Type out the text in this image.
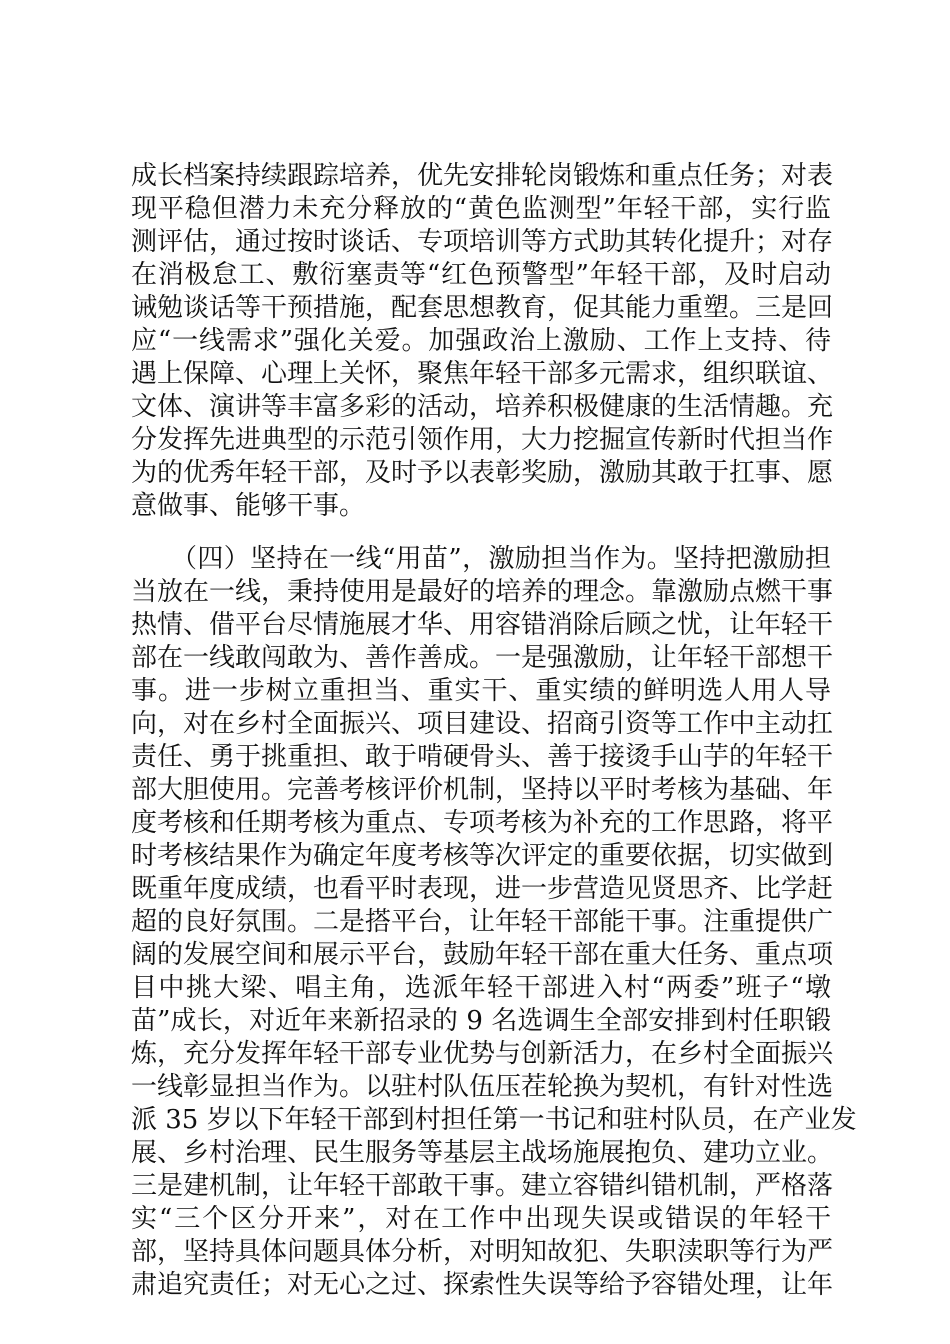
成长档案持续跟踪培养，优先安排轮岗锻炼和重点任务；对表
现平稳但潜力未充分释放的“黄色监测型”年轻干部，实行监
测评估，通过按时谈话、专项培训等方式助其转化提升；对存
在消极怠工、敷衍塞责等“红色预警型”年轻干部，及时启动
诫勉谈话等干预措施，配套思想教育，促其能力重塑。三是回
应“一线需求”强化关爱。加强政治上激励、工作上支持、待
遇上保障、心理上关怀，聚焦年轻干部多元需求，组织联谊、
文体、演讲等丰富多彩的活动，培养积极健康的生活情趣。充
分发挥先进典型的示范引领作用，大力挖掘宣传新时代担当作
为的优秀年轻干部，及时予以表彰奖励，激励其敢于扛事、愿
意做事、能够干事。
（四）坚持在一线“用苗”，激励担当作为。坚持把激励担
当放在一线，秉持使用是最好的培养的理念。靠激励点燃干事
热情、借平台尽情施展才华、用容错消除后顾之忧，让年轻干
部在一线敢闯敢为、善作善成。一是强激励，让年轻干部想干
事。进一步树立重担当、重实干、重实绩的鲜明选人用人导
向，对在乡村全面振兴、项目建设、招商引资等工作中主动扛
责任、勇于挑重担、敢于啃硬骨头、善于接烫手山芋的年轻干
部大胆使用。完善考核评价机制，坚持以平时考核为基础、年
度考核和任期考核为重点、专项考核为补充的工作思路，将平
时考核结果作为确定年度考核等次评定的重要依据，切实做到
既重年度成绩，也看平时表现，进一步营造见贤思齐、比学赶
超的良好氛围。二是搭平台，让年轻干部能干事。注重提供广
阔的发展空间和展示平台，鼓励年轻干部在重大任务、重点项
目中挑大梁、唱主角，选派年轻干部进入村“两委”班子“墩
苗”成长，对近年来新招录的 9 名选调生全部安排到村任职锻
炼，充分发挥年轻干部专业优势与创新活力，在乡村全面振兴
一线彰显担当作为。以驻村队伍压茬轮换为契机，有针对性选
派 35 岁以下年轻干部到村担任第一书记和驻村队员，在产业发
展、乡村治理、民生服务等基层主战场施展抱负、建功立业。
三是建机制，让年轻干部敢干事。建立容错纠错机制，严格落
实“三个区分开来”，对在工作中出现失误或错误的年轻干
部，坚持具体问题具体分析，对明知故犯、失职渎职等行为严
肃追究责任；对无心之过、探索性失误等给予容错处理，让年
